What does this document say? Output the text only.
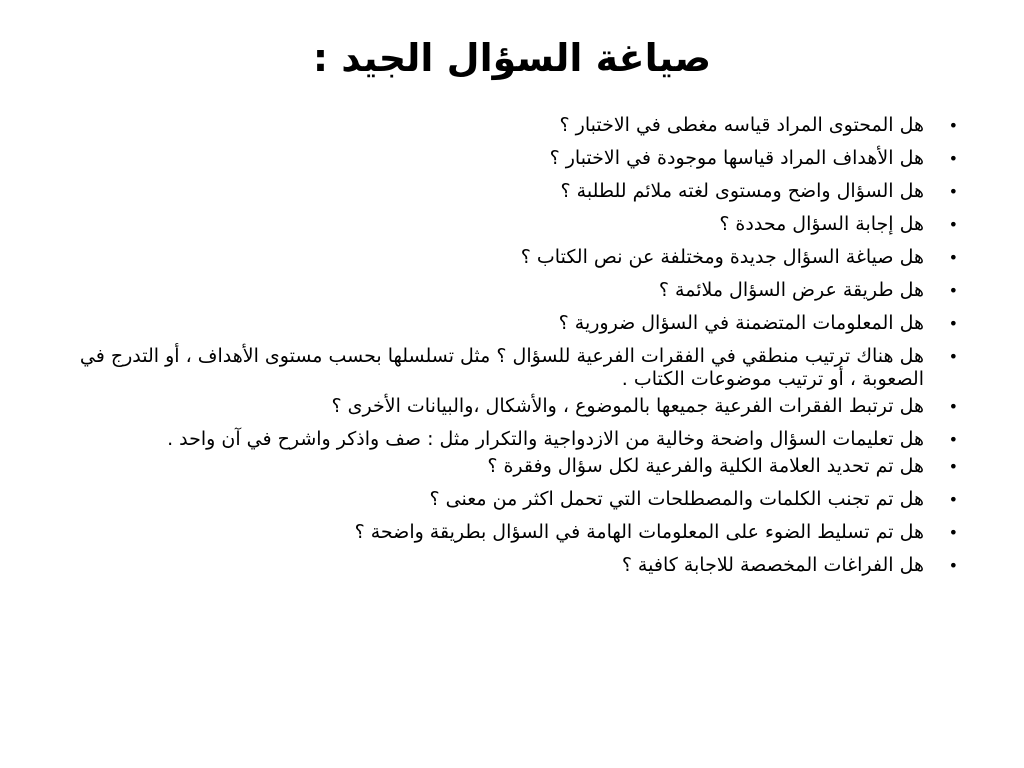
صياغة السؤال الجيد :
•
هل المحتوى المراد قياسه مغطى في الاختبار ؟
•
هل الأهداف المراد قياسها موجودة في الاختبار ؟
•
هل السؤال واضح ومستوى لغته ملائم للطلبة ؟
•
هل إجابة السؤال محددة ؟
•
هل صياغة السؤال جديدة ومختلفة عن نص الكتاب ؟
•
هل طريقة عرض السؤال ملائمة ؟
•
هل المعلومات المتضمنة في السؤال ضرورية ؟
•
هل هناك ترتيب منطقي في الفقرات الفرعية للسؤال ؟ مثل تسلسلها بحسب مستوى الأهداف ، أو التدرج في الصعوبة ، أو ترتيب موضوعات الكتاب .
•
هل ترتبط الفقرات الفرعية جميعها بالموضوع ، والأشكال ،والبيانات الأخرى ؟
•
هل تعليمات السؤال واضحة وخالية من الازدواجية والتكرار مثل : صف واذكر واشرح في آن واحد .
•
هل تم تحديد العلامة الكلية والفرعية لكل سؤال وفقرة ؟
•
هل تم تجنب الكلمات والمصطلحات التي تحمل اكثر من معنى ؟
•
هل تم تسليط الضوء على المعلومات الهامة في السؤال بطريقة واضحة ؟
•
هل الفراغات المخصصة للاجابة كافية ؟
